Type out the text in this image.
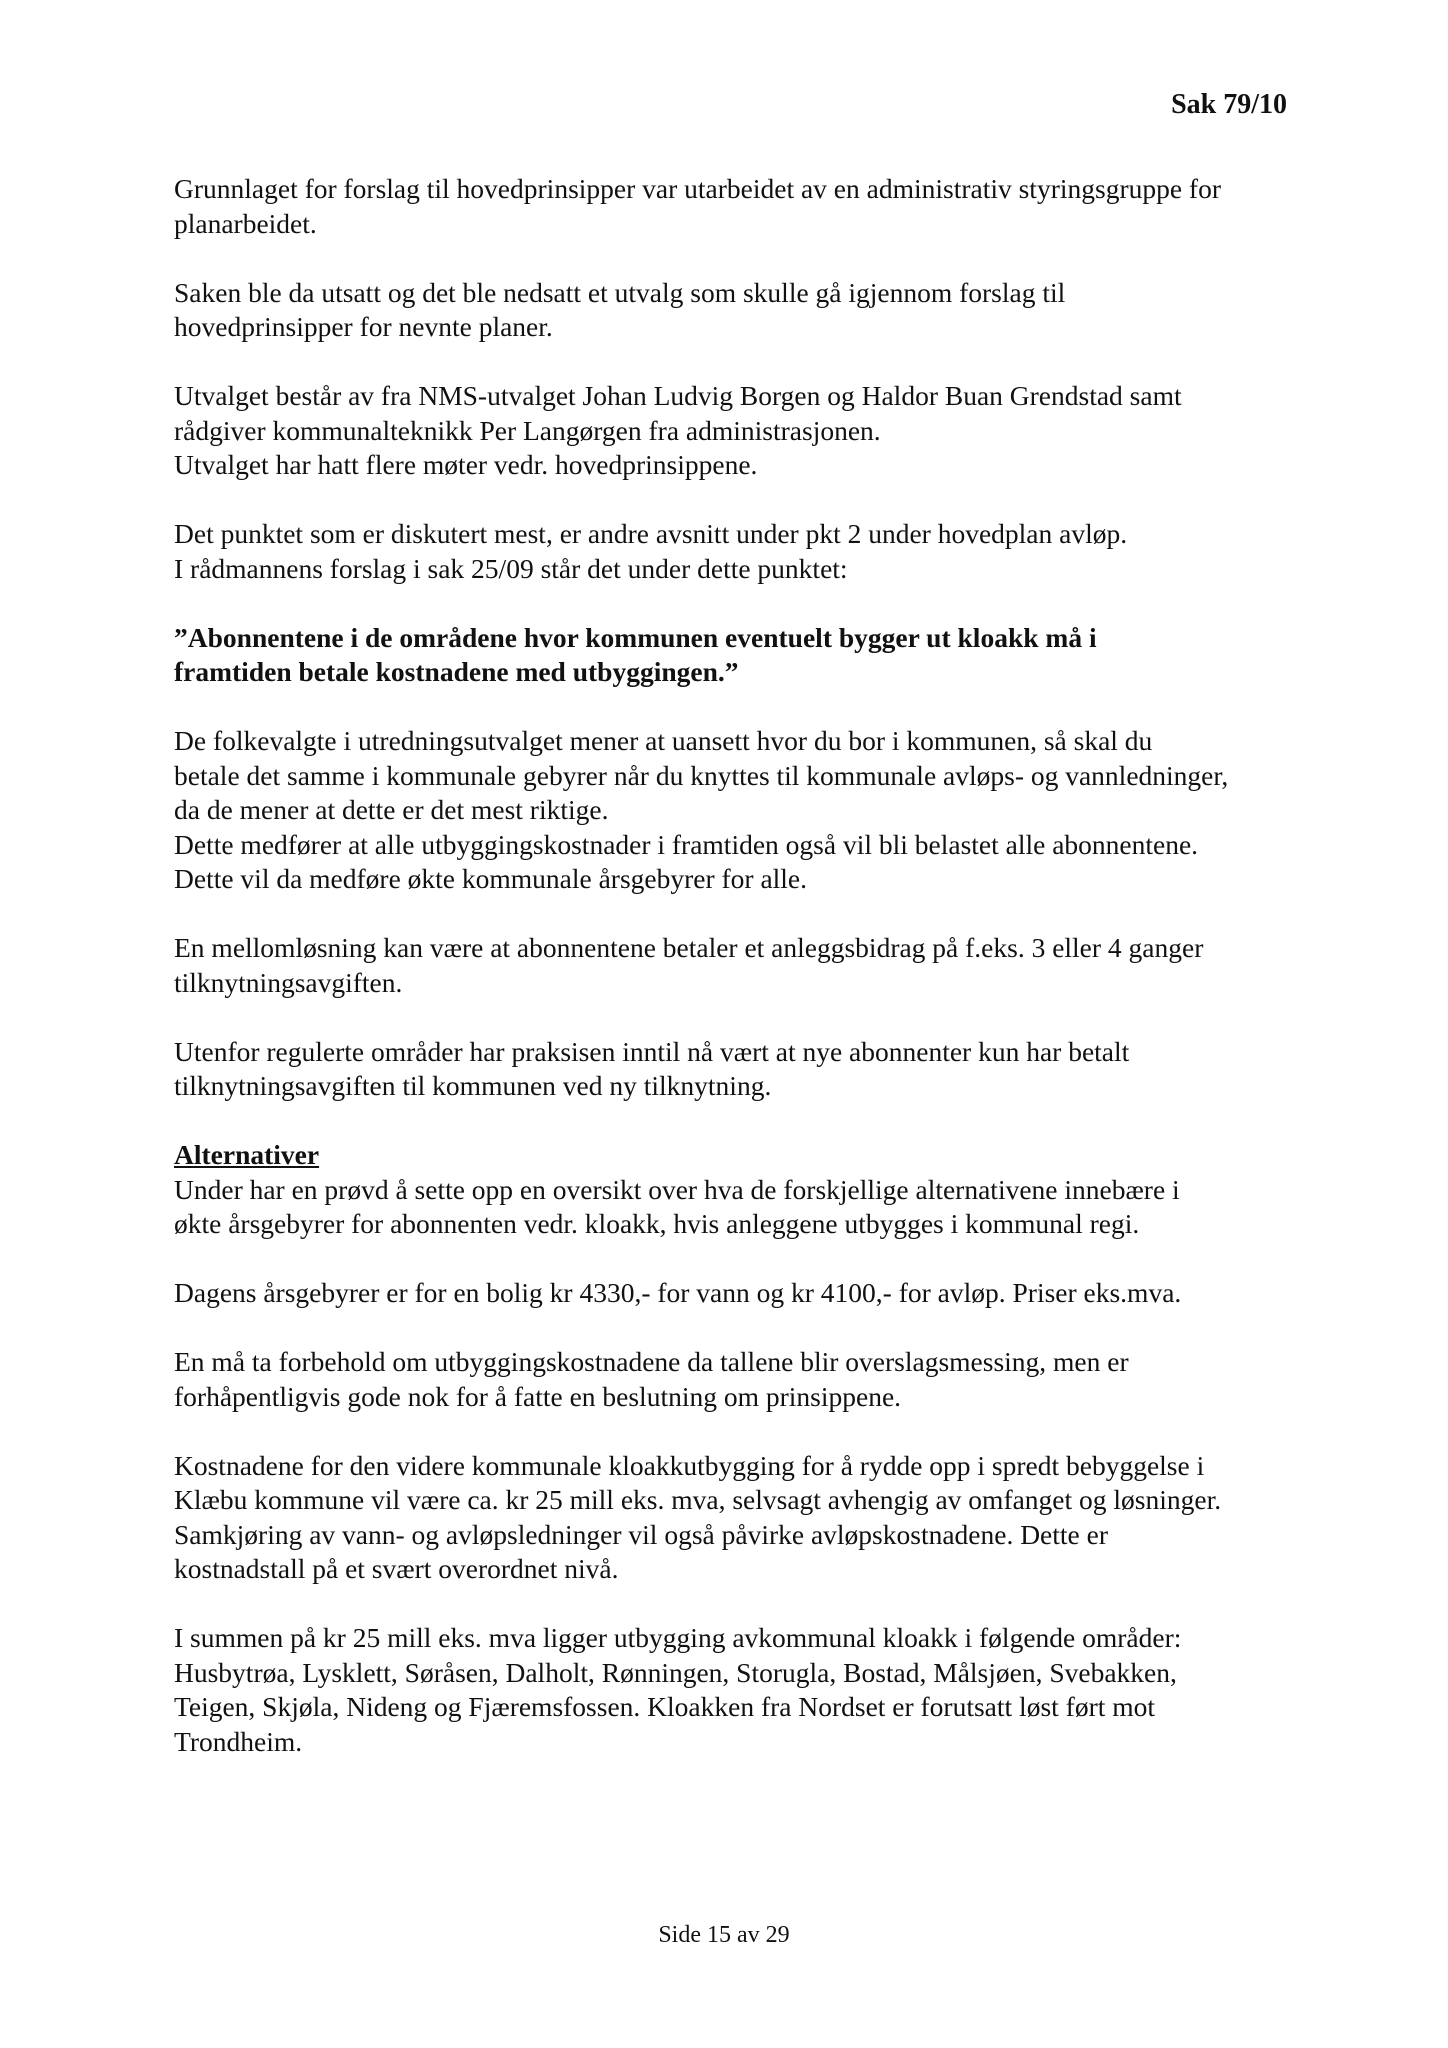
Sak 79/10

Grunnlaget for forslag til hovedprinsipper var utarbeidet av en administrativ styringsgruppe for
planarbeidet.

Saken ble da utsatt og det ble nedsatt et utvalg som skulle gå igjennom forslag til
hovedprinsipper for nevnte planer.

Utvalget består av fra NMS-utvalget Johan Ludvig Borgen og Haldor Buan Grendstad samt
rådgiver kommunalteknikk Per Langørgen fra administrasjonen.
Utvalget har hatt flere møter vedr. hovedprinsippene.

Det punktet som er diskutert mest, er andre avsnitt under pkt 2 under hovedplan avløp.
I rådmannens forslag i sak 25/09 står det under dette punktet:

”Abonnentene i de områdene hvor kommunen eventuelt bygger ut kloakk må i
framtiden betale kostnadene med utbyggingen.”

De folkevalgte i utredningsutvalget mener at uansett hvor du bor i kommunen, så skal du
betale det samme i kommunale gebyrer når du knyttes til kommunale avløps- og vannledninger,
da de mener at dette er det mest riktige.
Dette medfører at alle utbyggingskostnader i framtiden også vil bli belastet alle abonnentene.
Dette vil da medføre økte kommunale årsgebyrer for alle.

En mellomløsning kan være at abonnentene betaler et anleggsbidrag på f.eks. 3 eller 4 ganger
tilknytningsavgiften.

Utenfor regulerte områder har praksisen inntil nå vært at nye abonnenter kun har betalt
tilknytningsavgiften til kommunen ved ny tilknytning.

Alternativer
Under har en prøvd å sette opp en oversikt over hva de forskjellige alternativene innebære i
økte årsgebyrer for abonnenten vedr. kloakk, hvis anleggene utbygges i kommunal regi.

Dagens årsgebyrer er for en bolig kr 4330,- for vann og kr 4100,- for avløp. Priser eks.mva.

En må ta forbehold om utbyggingskostnadene da tallene blir overslagsmessing, men er
forhåpentligvis gode nok for å fatte en beslutning om prinsippene.

Kostnadene for den videre kommunale kloakkutbygging for å rydde opp i spredt bebyggelse i
Klæbu kommune vil være ca. kr 25 mill eks. mva, selvsagt avhengig av omfanget og løsninger.
Samkjøring av vann- og avløpsledninger vil også påvirke avløpskostnadene. Dette er
kostnadstall på et svært overordnet nivå.

I summen på kr 25 mill eks. mva ligger utbygging avkommunal kloakk i følgende områder:
Husbytrøa, Lysklett, Søråsen, Dalholt, Rønningen, Storugla, Bostad, Målsjøen, Svebakken,
Teigen, Skjøla, Nideng og Fjæremsfossen. Kloakken fra Nordset er forutsatt løst ført mot
Trondheim.

Side 15 av 29
